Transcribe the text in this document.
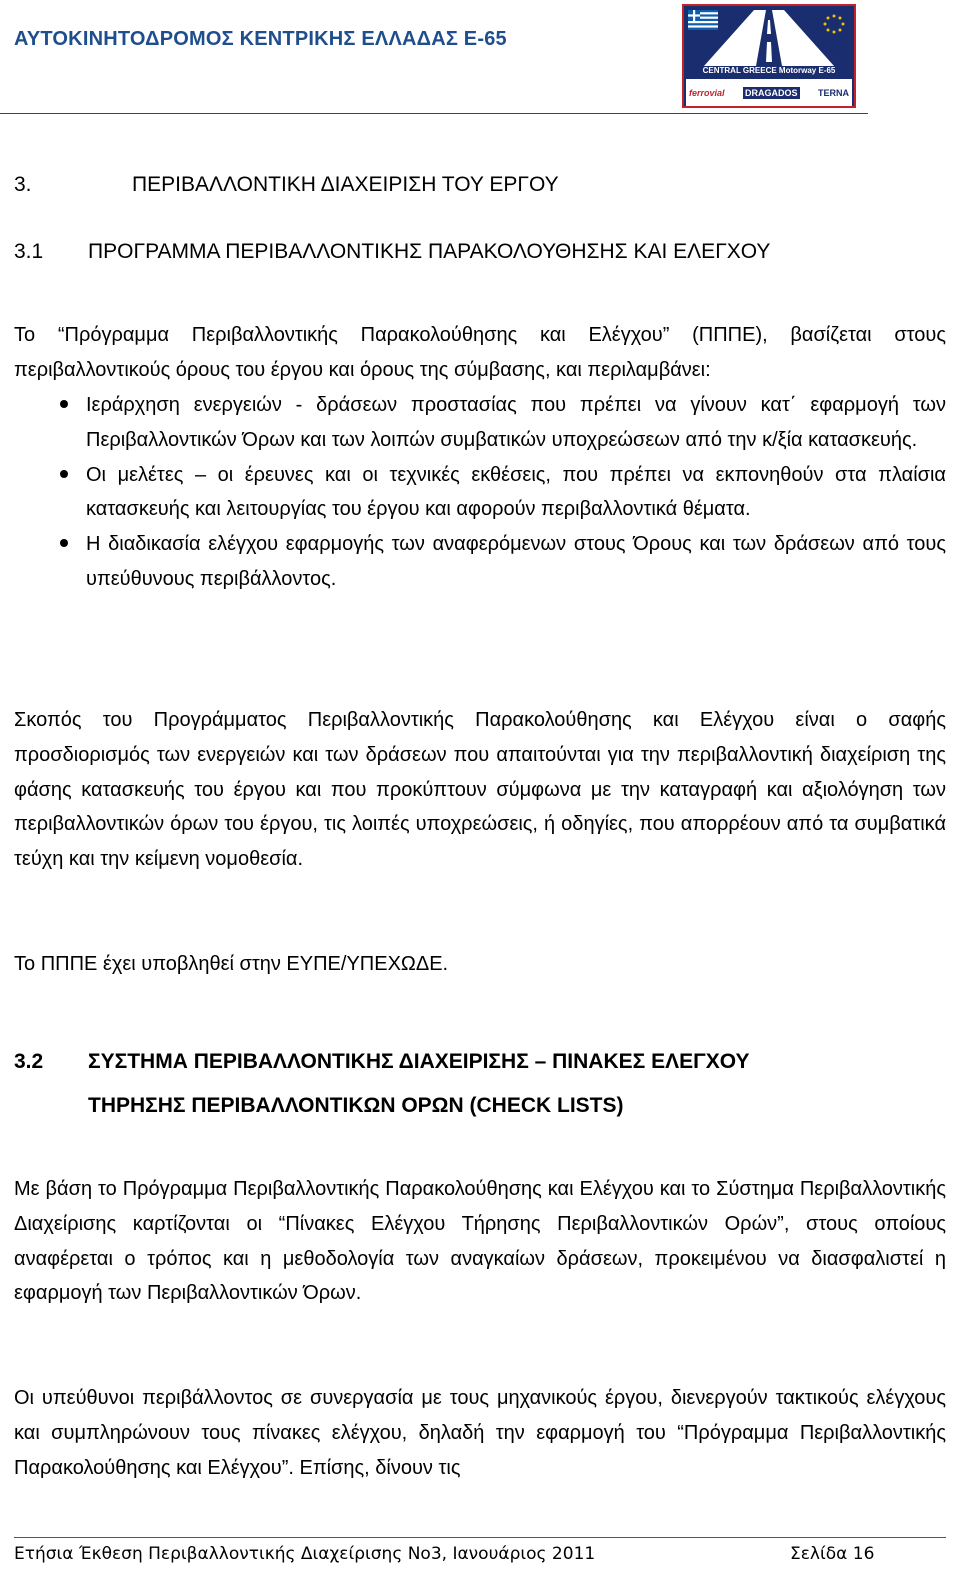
ΑΥΤΟΚΙΝΗΤΟΔΡΟΜΟΣ ΚΕΝΤΡΙΚΗΣ ΕΛΛΑΔΑΣ Ε-65
CENTRAL GREECE Motorway E-65
ferrovial DRAGADOS TERNA
3.	ΠΕΡΙΒΑΛΛΟΝΤΙΚΗ ΔΙΑΧΕΙΡΙΣΗ ΤΟΥ ΕΡΓΟΥ
3.1 ΠΡΟΓΡΑΜΜΑ ΠΕΡΙΒΑΛΛΟΝΤΙΚΗΣ ΠΑΡΑΚΟΛΟΥΘΗΣΗΣ ΚΑΙ ΕΛΕΓΧΟΥ

Το “Πρόγραμμα Περιβαλλοντικής Παρακολούθησης και Ελέγχου” (ΠΠΠΕ), βασίζεται στους περιβαλλοντικούς όρους του έργου και όρους της σύμβασης, και περιλαμβάνει:

Ιεράρχηση ενεργειών - δράσεων προστασίας που πρέπει να γίνουν κατ΄ εφαρμογή των Περιβαλλοντικών Όρων και των λοιπών συμβατικών υποχρεώσεων από την κ/ξία κατασκευής.
Οι μελέτες – οι έρευνες και οι τεχνικές εκθέσεις, που πρέπει να εκπονηθούν στα πλαίσια κατασκευής και λειτουργίας του έργου και αφορούν περιβαλλοντικά θέματα.
Η διαδικασία ελέγχου εφαρμογής των αναφερόμενων στους Όρους και των δράσεων από τους υπεύθυνους περιβάλλοντος.

Σκοπός του Προγράμματος Περιβαλλοντικής Παρακολούθησης και Ελέγχου είναι ο σαφής προσδιορισμός των ενεργειών και των δράσεων που απαιτούνται για την περιβαλλοντική διαχείριση της φάσης κατασκευής του έργου και που προκύπτουν σύμφωνα με την καταγραφή και αξιολόγηση των περιβαλλοντικών όρων του έργου, τις λοιπές υποχρεώσεις, ή οδηγίες, που απορρέουν από τα συμβατικά τεύχη και την κείμενη νομοθεσία.

Το ΠΠΠΕ έχει υποβληθεί στην ΕΥΠΕ/ΥΠΕΧΩΔΕ.

3.2 ΣΥΣΤΗΜΑ ΠΕΡΙΒΑΛΛΟΝΤΙΚΗΣ ΔΙΑΧΕΙΡΙΣΗΣ – ΠΙΝΑΚΕΣ ΕΛΕΓΧΟΥ
ΤΗΡΗΣΗΣ ΠΕΡΙΒΑΛΛΟΝΤΙΚΩΝ ΟΡΩΝ (CHECK LISTS)

Με βάση το Πρόγραμμα Περιβαλλοντικής Παρακολούθησης και Ελέγχου και το Σύστημα Περιβαλλοντικής Διαχείρισης καρτίζονται οι “Πίνακες Ελέγχου Τήρησης Περιβαλλοντικών Ορών”, στους οποίους αναφέρεται ο τρόπος και η μεθοδολογία των αναγκαίων δράσεων, προκειμένου να διασφαλιστεί η εφαρμογή των Περιβαλλοντικών Όρων.

Οι υπεύθυνοι περιβάλλοντος σε συνεργασία με τους μηχανικούς έργου, διενεργούν τακτικούς ελέγχους και συμπληρώνουν τους πίνακες ελέγχου, δηλαδή την εφαρμογή του “Πρόγραμμα Περιβαλλοντικής Παρακολούθησης και Ελέγχου”. Επίσης, δίνουν τις

Ετήσια Έκθεση Περιβαλλοντικής Διαχείρισης Νο3, Ιανουάριος 2011	Σελίδα 16
